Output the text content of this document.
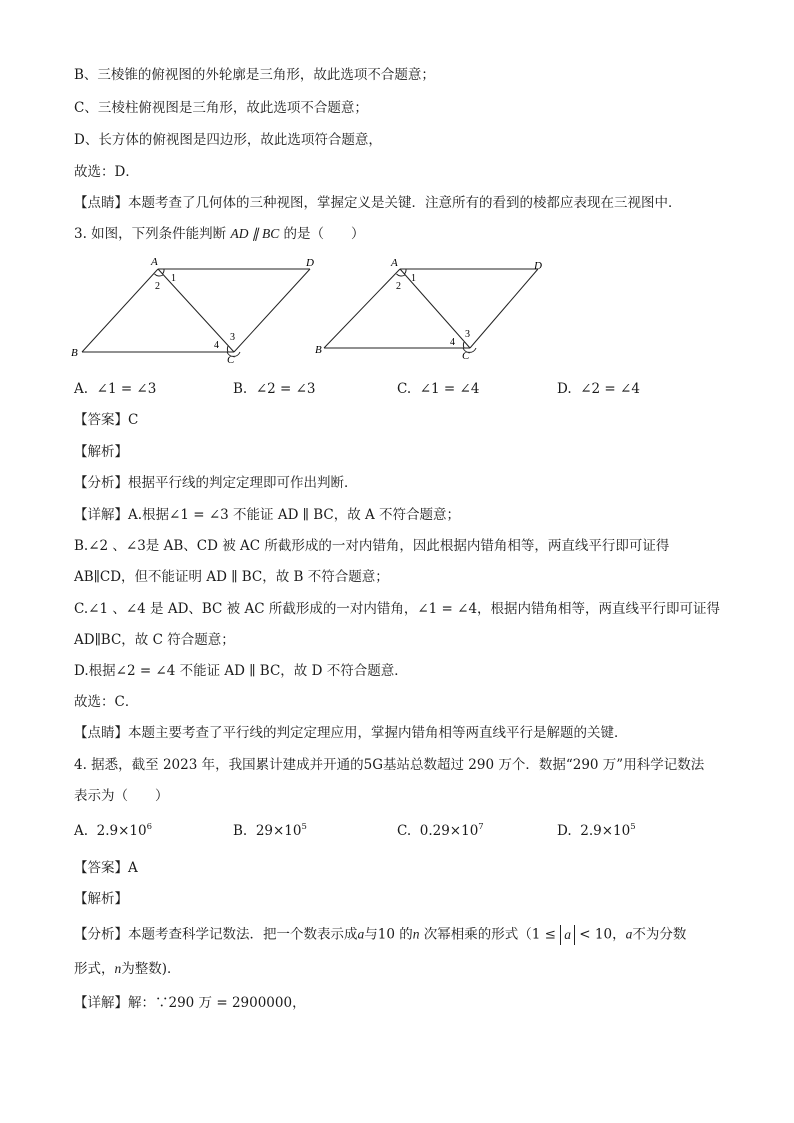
B、三棱锥的俯视图的外轮廓是三角形，故此选项不合题意；
C、三棱柱俯视图是三角形，故此选项不合题意；
D、长方体的俯视图是四边形，故此选项符合题意，
故选：D．
【点睛】本题考查了几何体的三种视图，掌握定义是关键．注意所有的看到的棱都应表现在三视图中．
3. 如图，下列条件能判断 AD ∥ BC 的是（　　）
A
B
C
D
1
2
3
4
A
B	C
D
1
2
3
4
A. ∠1 = ∠3	B. ∠2 = ∠3	C. ∠1 = ∠4	D. ∠2 = ∠4
【答案】C
【解析】
【分析】根据平行线的判定定理即可作出判断．
【详解】A.根据∠1 = ∠3 不能证 AD ∥ BC，故 A 不符合题意；
B.∠2 、∠3是 AB、CD 被 AC 所截形成的一对内错角，因此根据内错角相等，两直线平行即可证得
AB∥CD，但不能证明 AD ∥ BC，故 B 不符合题意；
C.∠1 、∠4 是 AD、BC 被 AC 所截形成的一对内错角，∠1 = ∠4，根据内错角相等，两直线平行即可证得
AD∥BC，故 C 符合题意；
D.根据∠2 = ∠4 不能证 AD ∥ BC，故 D 不符合题意．
故选：C．
【点睛】本题主要考查了平行线的判定定理应用，掌握内错角相等两直线平行是解题的关键．
4. 据悉，截至 2023 年，我国累计建成并开通的5G基站总数超过 290 万个．数据“290 万”用科学记数法
表示为（　　）
A. $2.9\times 10^6$	B. $29\times 10^5$	C. $0.29\times 10^7$	D. $2.9\times 10^5$
【答案】A
【解析】
【分析】本题考查科学记数法．把一个数表示成a与10 的n 次幂相乘的形式（1 ≤ a < 10，a不为分数
形式，n为整数)．
【详解】解：∵290 万 = 2900000，
